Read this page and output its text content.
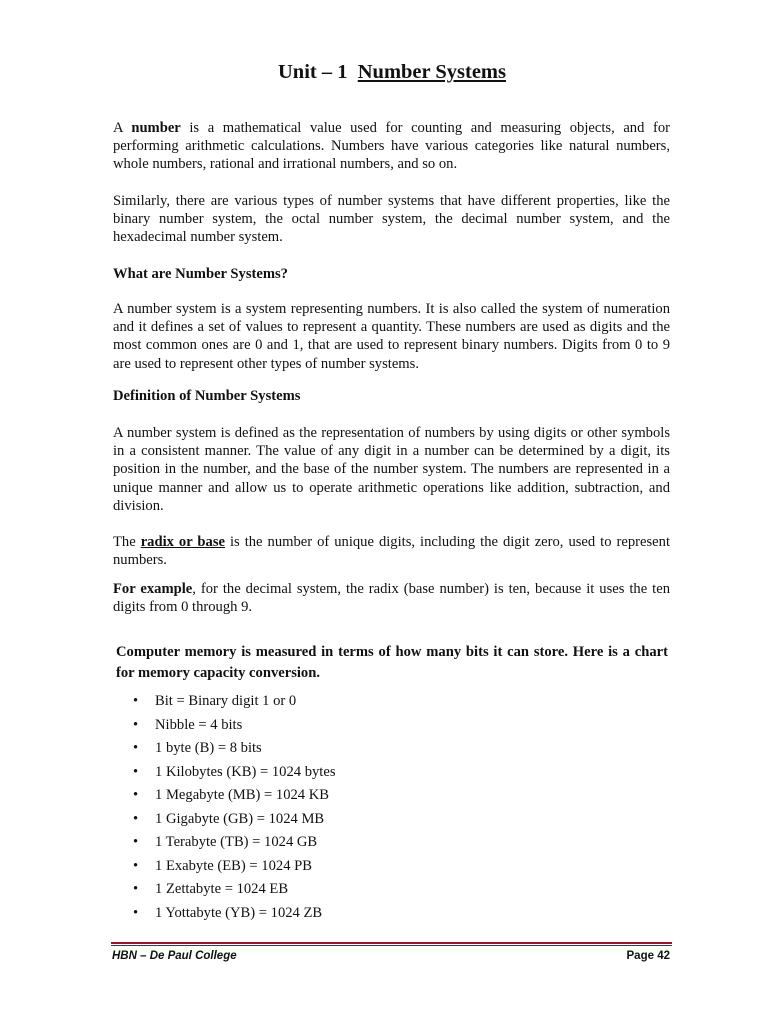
Unit – 1 Number Systems
A number is a mathematical value used for counting and measuring objects, and for performing arithmetic calculations. Numbers have various categories like natural numbers, whole numbers, rational and irrational numbers, and so on.
Similarly, there are various types of number systems that have different properties, like the binary number system, the octal number system, the decimal number system, and the hexadecimal number system.
What are Number Systems?
A number system is a system representing numbers. It is also called the system of numeration and it defines a set of values to represent a quantity. These numbers are used as digits and the most common ones are 0 and 1, that are used to represent binary numbers. Digits from 0 to 9 are used to represent other types of number systems.
Definition of Number Systems
A number system is defined as the representation of numbers by using digits or other symbols in a consistent manner. The value of any digit in a number can be determined by a digit, its position in the number, and the base of the number system. The numbers are represented in a unique manner and allow us to operate arithmetic operations like addition, subtraction, and division.
The radix or base is the number of unique digits, including the digit zero, used to represent numbers.
For example, for the decimal system, the radix (base number) is ten, because it uses the ten digits from 0 through 9.
Computer memory is measured in terms of how many bits it can store. Here is a chart for memory capacity conversion.
• Bit = Binary digit 1 or 0
• Nibble = 4 bits
• 1 byte (B) = 8 bits
• 1 Kilobytes (KB) = 1024 bytes
• 1 Megabyte (MB) = 1024 KB
• 1 Gigabyte (GB) = 1024 MB
• 1 Terabyte (TB) = 1024 GB
• 1 Exabyte (EB) = 1024 PB
• 1 Zettabyte = 1024 EB
• 1 Yottabyte (YB) = 1024 ZB
HBN – De Paul College	Page 42
